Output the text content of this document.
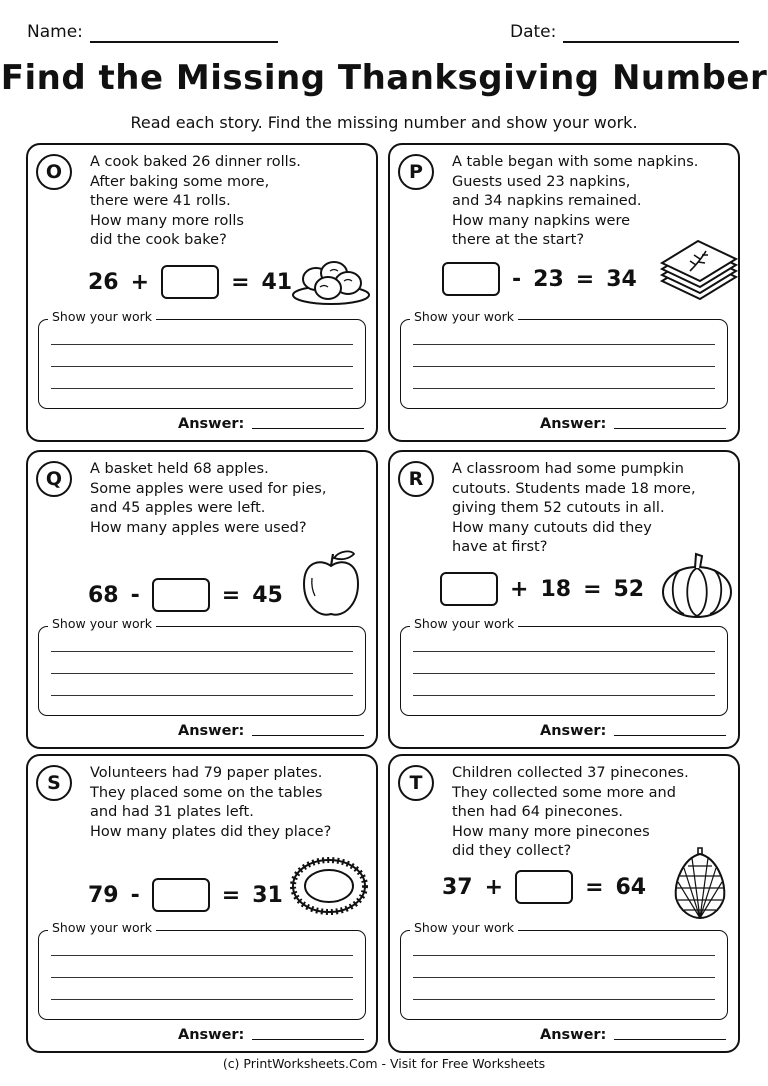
Name:	Date:
Find the Missing Thanksgiving Number
Read each story. Find the missing number and show your work.
O	A cook baked 26 dinner rolls.
After baking some more,
there were 41 rolls.
How many more rolls
did the cook bake?
26 +	= 41
Show your work
Answer:
P	A table began with some napkins.
Guests used 23 napkins,
and 34 napkins remained.
How many napkins were
there at the start?
- 23 = 34
Show your work
Answer:
Q	A basket held 68 apples.
Some apples were used for pies,
and 45 apples were left.
How many apples were used?
68 -	= 45
Show your work
Answer:
R	A classroom had some pumpkin
cutouts. Students made 18 more,
giving them 52 cutouts in all.
How many cutouts did they
have at first?
+ 18 = 52
Show your work
Answer:
S	Volunteers had 79 paper plates.
They placed some on the tables
and had 31 plates left.
How many plates did they place?
79 -	= 31
Show your work
Answer:
T	Children collected 37 pinecones.
They collected some more and
then had 64 pinecones.
How many more pinecones
did they collect?
37 +	= 64
Show your work
Answer:
(c) PrintWorksheets.Com - Visit for Free Worksheets
